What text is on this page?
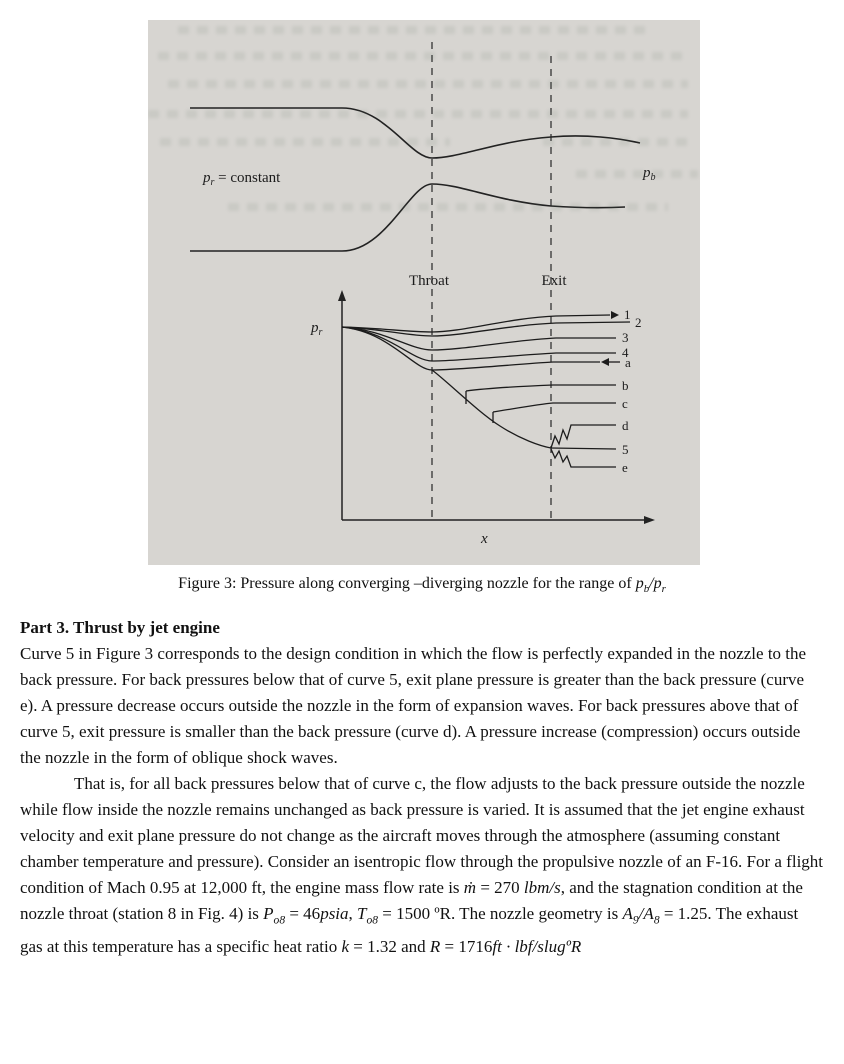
$p_r$ = constant	$p_b$
Throat	Exit
$p_r$
x
1
2
3
4
a
b
c
d
5
e
Figure 3: Pressure along converging –diverging nozzle for the range of $p_b/p_r$
Part 3. Thrust by jet engine

Curve 5 in Figure 3 corresponds to the design condition in which the flow is perfectly expanded in the nozzle to the back pressure. For back pressures below that of curve 5, exit plane pressure is greater than the back pressure (curve e). A pressure decrease occurs outside the nozzle in the form of expansion waves. For back pressures above that of curve 5, exit pressure is smaller than the back pressure (curve d). A pressure increase (compression) occurs outside the nozzle in the form of oblique shock waves.

That is, for all back pressures below that of curve c, the flow adjusts to the back pressure outside the nozzle while flow inside the nozzle remains unchanged as back pressure is varied. It is assumed that the jet engine exhaust velocity and exit plane pressure do not change as the aircraft moves through the atmosphere (assuming constant chamber temperature and pressure). Consider an isentropic flow through the propulsive nozzle of an F-16. For a flight condition of Mach 0.95 at 12,000 ft, the engine mass flow rate is ṁ = 270 lbm/s, and the stagnation condition at the nozzle throat (station 8 in Fig. 4) is $P_{o8}$ = 46psia, $T_{o8} = 1500$ ºR. The nozzle geometry is $A_9/A_8 = 1.25$. The exhaust gas at this temperature has a specific heat ratio k = 1.32 and R = 1716ft · lbf/slugºR
